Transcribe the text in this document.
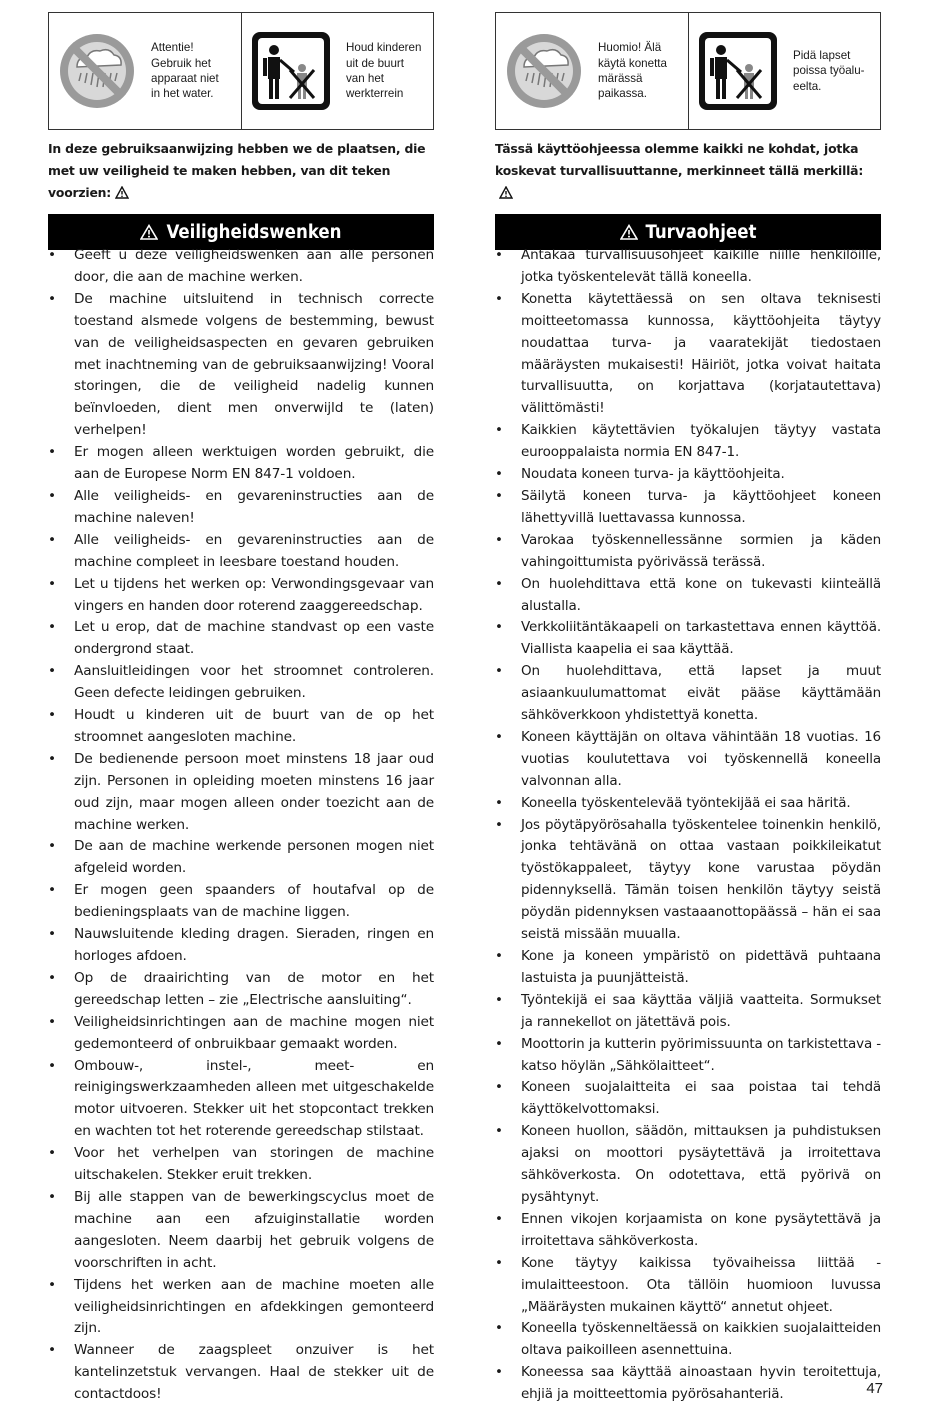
Attentie!
Gebruik het
apparaat niet
in het water.
Houd kinderen
uit de buurt
van het
werkterrein
In deze gebruiksaanwijzing hebben we de plaatsen, die met uw veiligheid te maken hebben, van dit teken voorzien:
Veiligheidswenken
• Geeft u deze veiligheidswenken aan alle personen door, die aan de machine werken.
• De machine uitsluitend in technisch correcte toestand alsmede volgens de bestemming, bewust van de veiligheidsaspecten en gevaren gebruiken met inachtneming van de gebruiksaanwijzing! Vooral storingen, die de veiligheid nadelig kunnen beïnvloeden, dient men onverwijld te (laten) verhelpen!
• Er mogen alleen werktuigen worden gebruikt, die aan de Europese Norm EN 847-1 voldoen.
• Alle veiligheids- en gevareninstructies aan de machine naleven!
• Alle veiligheids- en gevareninstructies aan de machine compleet in leesbare toestand houden.
• Let u tijdens het werken op: Verwondingsgevaar van vingers en handen door roterend zaaggereedschap.
• Let u erop, dat de machine standvast op een vaste ondergrond staat.
• Aansluitleidingen voor het stroomnet controleren. Geen defecte leidingen gebruiken.
• Houdt u kinderen uit de buurt van de op het stroomnet aangesloten machine.
• De bedienende persoon moet minstens 18 jaar oud zijn. Personen in opleiding moeten minstens 16 jaar oud zijn, maar mogen alleen onder toezicht aan de machine werken.
• De aan de machine werkende personen mogen niet afgeleid worden.
• Er mogen geen spaanders of houtafval op de bedieningsplaats van de machine liggen.
• Nauwsluitende kleding dragen. Sieraden, ringen en horloges afdoen.
• Op de draairichting van de motor en het gereedschap letten – zie „Electrische aansluiting“.
• Veiligheidsinrichtingen aan de machine mogen niet gedemonteerd of onbruikbaar gemaakt worden.
• Ombouw-, instel-, meet- en reinigingswerkzaamheden alleen met uitgeschakelde motor uitvoeren. Stekker uit het stopcontact trekken en wachten tot het roterende gereedschap stilstaat.
• Voor het verhelpen van storingen de machine uitschakelen. Stekker eruit trekken.
• Bij alle stappen van de bewerkingscyclus moet de machine aan een afzuiginstallatie worden aangesloten. Neem daarbij het gebruik volgens de voorschriften in acht.
• Tijdens het werken aan de machine moeten alle veiligheidsinrichtingen en afdekkingen gemonteerd zijn.
• Wanneer de zaagspleet onzuiver is het kantelinzetstuk vervangen. Haal de stekker uit de contactdoos!
Huomio! Älä
käytä konetta
märässä
paikassa.
Pidä lapset
poissa työalu-
eelta.
Tässä käyttöohjeessa olemme kaikki ne kohdat, jotka koskevat turvallisuuttanne, merkinneet tällä merkillä:
Turvaohjeet
• Antakaa turvallisuusohjeet kaikille niille henkilöille, jotka työskentelevät tällä koneella.
• Konetta käytettäessä on sen oltava teknisesti moitteetomassa kunnossa, käyttöohjeita täytyy noudattaa turva- ja vaaratekijät tiedostaen määräysten mukaisesti! Häiriöt, jotka voivat haitata turvallisuutta, on korjattava (korjatautettava) välittömästi!
• Kaikkien käytettävien työkalujen täytyy vastata eurooppalaista normia EN 847-1.
• Noudata koneen turva- ja käyttöohjeita.
• Säilytä koneen turva- ja käyttöohjeet koneen lähettyvillä luettavassa kunnossa.
• Varokaa työskennellessänne sormien ja käden vahingoittumista pyörivässä terässä.
• On huolehdittava että kone on tukevasti kiinteällä alustalla.
• Verkkoliitäntäkaapeli on tarkastettava ennen käyttöä. Viallista kaapelia ei saa käyttää.
• On huolehdittava, että lapset ja muut asiaankuulumattomat eivät pääse käyttämään sähköverkkoon yhdistettyä konetta.
• Koneen käyttäjän on oltava vähintään 18 vuotias. 16 vuotias koulutettava voi työskennellä koneella valvonnan alla.
• Koneella työskentelevää työntekijää ei saa häritä.
• Jos pöytäpyörösahalla työskentelee toinenkin henkilö, jonka tehtävänä on ottaa vastaan poikkileikatut työstökappaleet, täytyy kone varustaa pöydän pidennyksellä. Tämän toisen henkilön täytyy seistä pöydän pidennyksen vastaaanottopäässä – hän ei saa seistä missään muualla.
• Kone ja koneen ympäristö on pidettävä puhtaana lastuista ja puunjätteistä.
• Työntekijä ei saa käyttäa väljiä vaatteita. Sormukset ja rannekellot on jätettävä pois.
• Moottorin ja kutterin pyörimissuunta on tarkistettava - katso höylän „Sähkölaitteet“.
• Koneen suojalaitteita ei saa poistaa tai tehdä käyttökelvottomaksi.
• Koneen huollon, säädön, mittauksen ja puhdistuksen ajaksi on moottori pysäytettävä ja irroitettava sähköverkosta. On odotettava, että pyörivä on pysähtynyt.
• Ennen vikojen korjaamista on kone pysäytettävä ja irroitettava sähköverkosta.
• Kone täytyy kaikissa työvaiheissa liittää -imulaitteestoon. Ota tällöin huomioon luvussa „Määräysten mukainen käyttö“ annetut ohjeet.
• Koneella työskenneltäessä on kaikkien suojalaitteiden oltava paikoilleen asennettuina.
• Koneessa saa käyttää ainoastaan hyvin teroitettuja, ehjiä ja moitteettomia pyörösahanteriä.	47
